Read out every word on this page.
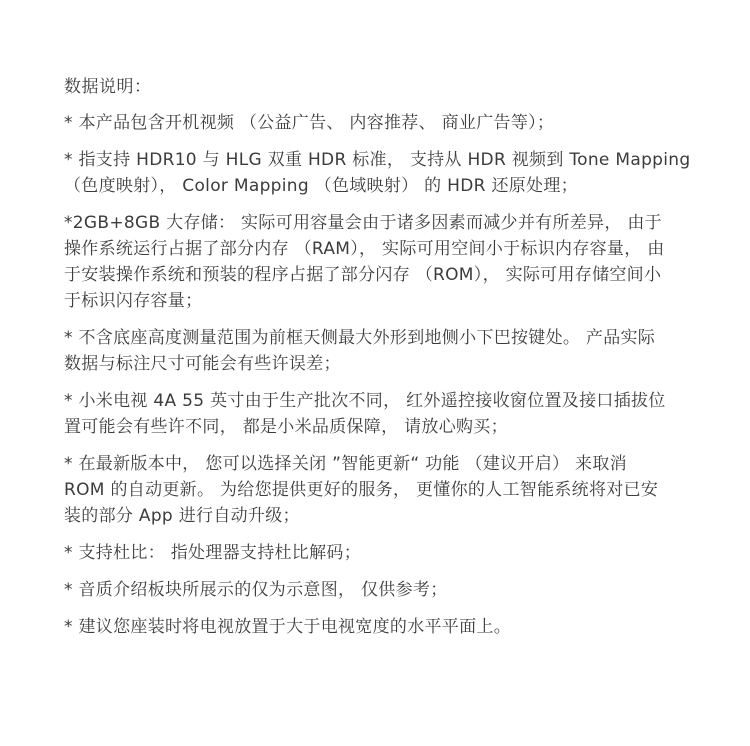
数据说明：
* 本产品包含开机视频 （公益广告、 内容推荐、 商业广告等）；
* 指支持 HDR10 与 HLG 双重 HDR 标准， 支持从 HDR 视频到 Tone Mapping
（色度映射）， Color Mapping （色域映射） 的 HDR 还原处理；
*2GB+8GB 大存储： 实际可用容量会由于诸多因素而减少并有所差异， 由于
操作系统运行占据了部分内存 （RAM）， 实际可用空间小于标识内存容量， 由
于安装操作系统和预装的程序占据了部分闪存 （ROM）， 实际可用存储空间小
于标识闪存容量；
* 不含底座高度测量范围为前框天侧最大外形到地侧小下巴按键处。 产品实际
数据与标注尺寸可能会有些许误差；
* 小米电视 4A 55 英寸由于生产批次不同， 红外遥控接收窗位置及接口插拔位
置可能会有些许不同， 都是小米品质保障， 请放心购买；
* 在最新版本中， 您可以选择关闭 ”智能更新“ 功能 （建议开启） 来取消
ROM 的自动更新。 为给您提供更好的服务， 更懂你的人工智能系统将对已安
装的部分 App 进行自动升级；
* 支持杜比： 指处理器支持杜比解码；
* 音质介绍板块所展示的仅为示意图， 仅供参考；
* 建议您座装时将电视放置于大于电视宽度的水平平面上。
